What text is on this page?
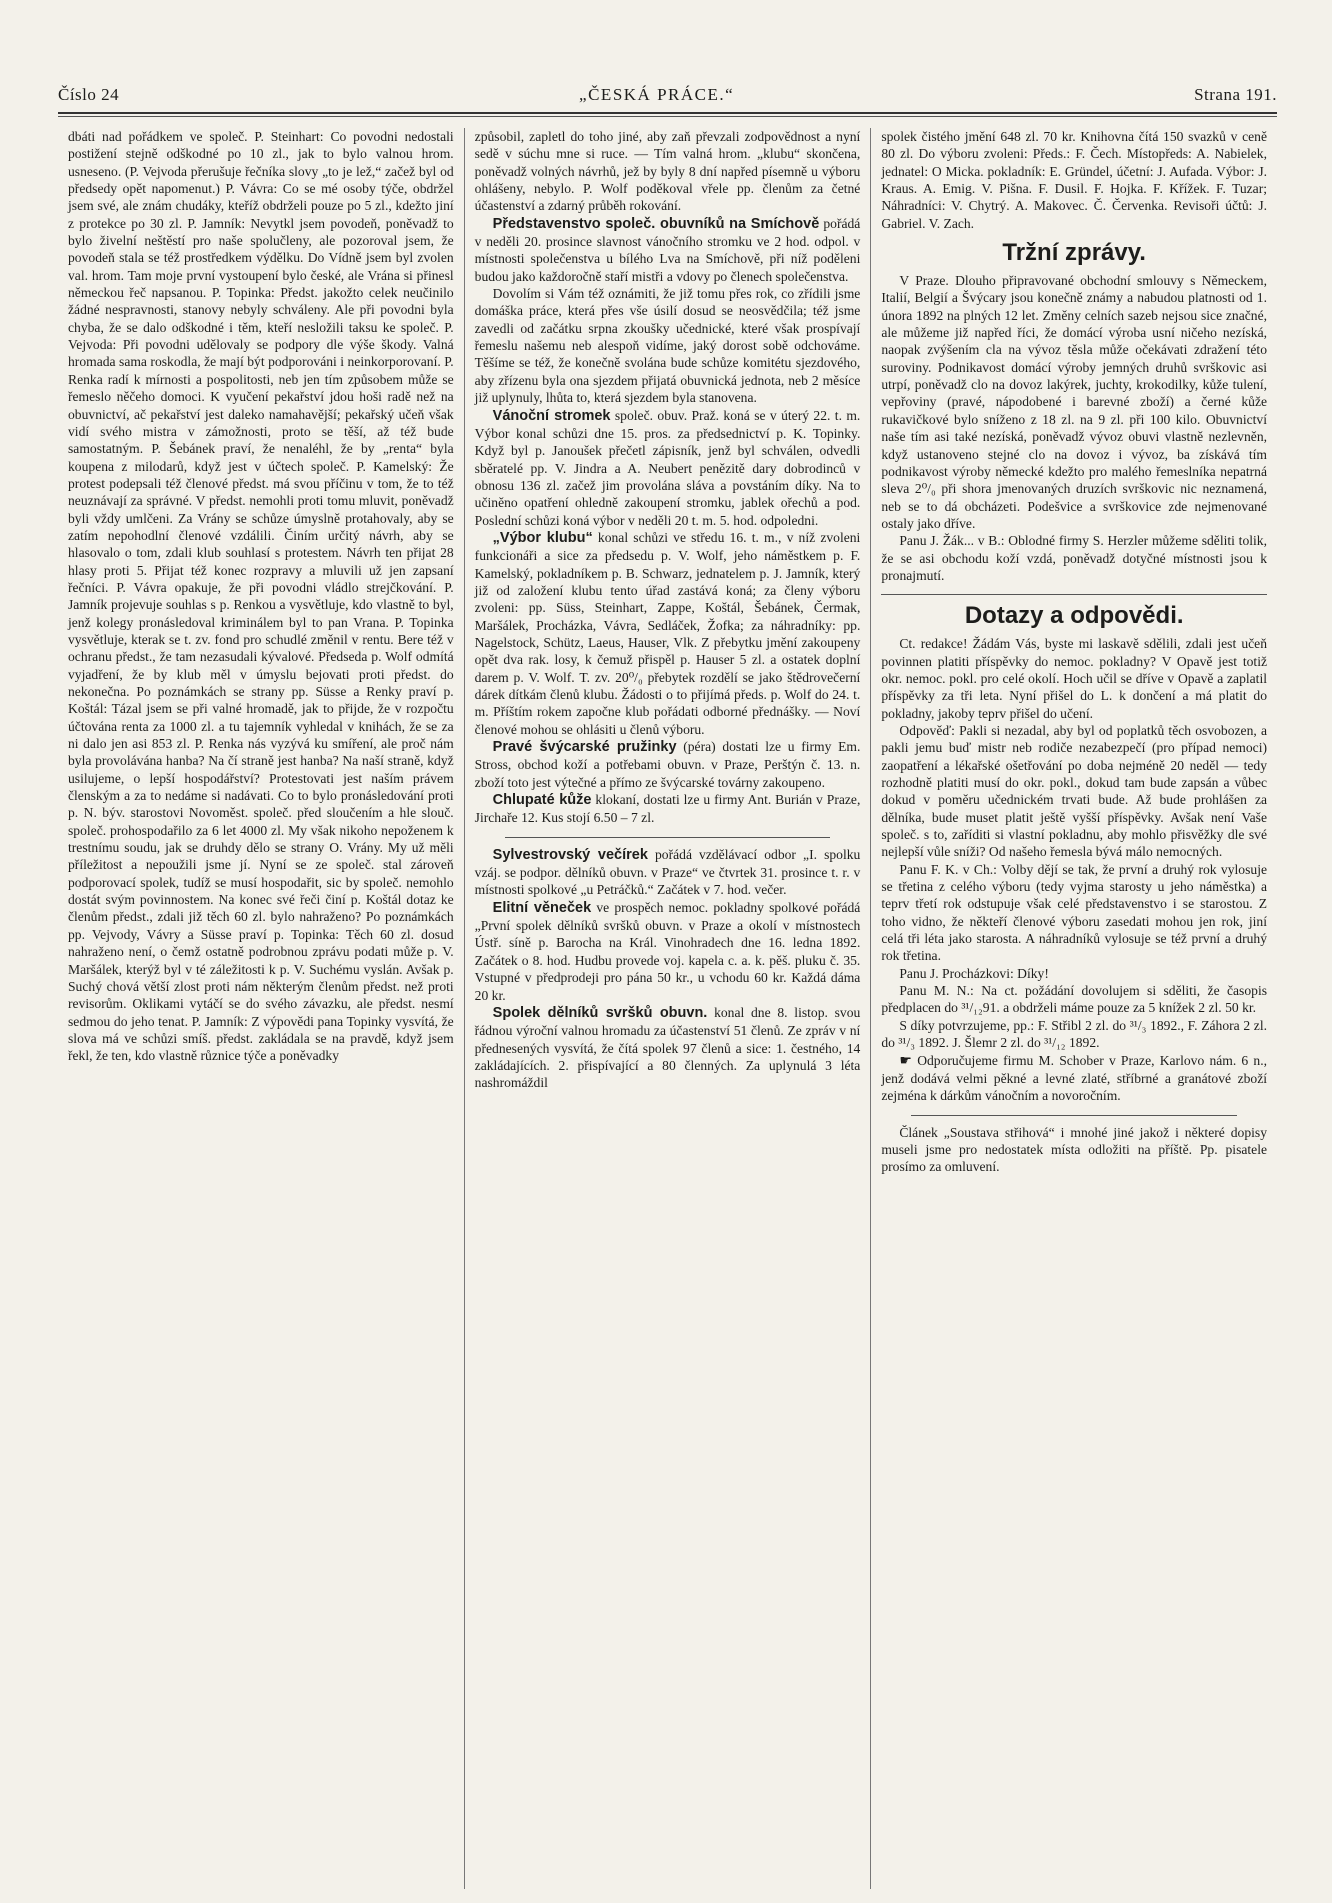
Číslo 24	„ČESKÁ PRÁCE.“	Strana 191.

dbáti nad pořádkem ve společ. P. Steinhart: Co povodni nedostali postižení stejně odškodné po 10 zl., jak to bylo valnou hrom. usneseno. (P. Vejvoda přerušuje řečníka slovy „to je lež,“ začež byl od předsedy opět napomenut.) P. Vávra: Co se mé osoby týče, obdržel jsem své, ale znám chudáky, kteříž obdrželi pouze po 5 zl., kdežto jiní z protekce po 30 zl. P. Jamník: Nevytkl jsem povodeň, poněvadž to bylo živelní neštěstí pro naše spolučleny, ale pozoroval jsem, že povodeň stala se též prostředkem výdělku. Do Vídně jsem byl zvolen val. hrom. Tam moje první vystoupení bylo české, ale Vrána si přinesl německou řeč napsanou. P. Topinka: Předst. jakožto celek neučinilo žádné nespravnosti, stanovy nebyly schváleny. Ale při povodni byla chyba, že se dalo odškodné i těm, kteří nesložili taksu ke společ. P. Vejvoda: Při povodni udělovaly se podpory dle výše škody. Valná hromada sama roskodla, že mají být podporováni i neinkorporovaní. P. Renka radí k mírnosti a pospolitosti, neb jen tím způsobem může se řemeslo něčeho domoci. K vyučení pekařství jdou hoši radě než na obuvnictví, ač pekařství jest daleko namahavější; pekařský učeň však vidí svého mistra v zámožnosti, proto se těší, až též bude samostatným. P. Šebánek praví, že nenaléhl, že by „renta“ byla koupena z milodarů, když jest v účtech společ. P. Kamelský: Že protest podepsali též členové předst. má svou příčinu v tom, že to též neuznávají za správné. V předst. nemohli proti tomu mluvit, poněvadž byli vždy umlčeni. Za Vrány se schůze úmyslně protahovaly, aby se zatím nepohodlní členové vzdálili. Činím určitý návrh, aby se hlasovalo o tom, zdali klub souhlasí s protestem. Návrh ten přijat 28 hlasy proti 5. Přijat též konec rozpravy a mluvili už jen zapsaní řečníci. P. Vávra opakuje, že při povodni vládlo strejčkování. P. Jamník projevuje souhlas s p. Renkou a vysvětluje, kdo vlastně to byl, jenž kolegy pronásledoval kriminálem byl to pan Vrana. P. Topinka vysvětluje, kterak se t. zv. fond pro schudlé změnil v rentu. Bere též v ochranu předst., že tam nezasudali kývalové. Předseda p. Wolf odmítá vyjadření, že by klub měl v úmyslu bejovati proti předst. do nekonečna. Po poznámkách se strany pp. Süsse a Renky praví p. Koštál: Tázal jsem se při valné hromadě, jak to přijde, že v rozpočtu účtována renta za 1000 zl. a tu tajemník vyhledal v knihách, že se za ni dalo jen asi 853 zl. P. Renka nás vyzývá ku smíření, ale proč nám byla provolávána hanba? Na čí straně jest hanba? Na naší straně, když usilujeme, o lepší hospodářství? Protestovati jest naším právem členským a za to nedáme si nadávati. Co to bylo pronásledování proti p. N. býv. starostovi Novoměst. společ. před sloučením a hle slouč. společ. prohospodařilo za 6 let 4000 zl. My však nikoho nepoženem k trestnímu soudu, jak se druhdy dělo se strany O. Vrány. My už měli příležitost a nepoužili jsme jí. Nyní se ze společ. stal zároveň podporovací spolek, tudíž se musí hospodařit, sic by společ. nemohlo dostát svým povinnostem. Na konec své řeči činí p. Koštál dotaz ke členům předst., zdali již těch 60 zl. bylo nahraženo? Po poznámkách pp. Vejvody, Vávry a Süsse praví p. Topinka: Těch 60 zl. dosud nahraženo není, o čemž ostatně podrobnou zprávu podati může p. V. Maršálek, kterýž byl v té záležitosti k p. V. Suchému vyslán. Avšak p. Suchý chová větší zlost proti nám některým členům předst. než proti revisorům. Oklikami vytáčí se do svého závazku, ale předst. nesmí sedmou do jeho tenat. P. Jamník: Z výpovědi pana Topinky vysvítá, že slova má ve schůzi smíš. předst. zakládala se na pravdě, když jsem řekl, že ten, kdo vlastně různice týče a poněvadky

způsobil, zapletl do toho jiné, aby zaň převzali zodpovědnost a nyní sedě v súchu mne si ruce. — Tím valná hrom. „klubu“ skončena, poněvadž volných návrhů, jež by byly 8 dní napřed písemně u výboru ohlášeny, nebylo. P. Wolf poděkoval vřele pp. členům za četné účastenství a zdarný průběh rokování.

Představenstvo společ. obuvníků na Smíchově pořádá v neděli 20. prosince slavnost vánočního stromku ve 2 hod. odpol. v místnosti společenstva u bílého Lva na Smíchově, při níž poděleni budou jako každoročně staří mistři a vdovy po členech společenstva.

Dovolím si Vám též oznámiti, že již tomu přes rok, co zřídili jsme domáška práce, která přes vše úsilí dosud se neosvědčila; též jsme zavedli od začátku srpna zkoušky učednické, které však prospívají řemeslu našemu neb alespoň vidíme, jaký dorost sobě odchováme. Těšíme se též, že konečně svolána bude schůze komitétu sjezdového, aby zřízenu byla ona sjezdem přijatá obuvnická jednota, neb 2 měsíce již uplynuly, lhůta to, která sjezdem byla stanovena.

Vánoční stromek společ. obuv. Praž. koná se v úterý 22. t. m. Výbor konal schůzi dne 15. pros. za předsednictví p. K. Topinky. Když byl p. Janoušek přečetl zápisník, jenž byl schválen, odvedli sběratelé pp. V. Jindra a A. Neubert penězitě dary dobrodinců v obnosu 136 zl. začež jim provolána sláva a povstáním díky. Na to učiněno opatření ohledně zakoupení stromku, jablek ořechů a pod. Poslední schůzi koná výbor v neděli 20 t. m. 5. hod. odpoledni.

„Výbor klubu“ konal schůzi ve středu 16. t. m., v níž zvoleni funkcionáři a sice za předsedu p. V. Wolf, jeho náměstkem p. F. Kamelský, pokladníkem p. B. Schwarz, jednatelem p. J. Jamník, který již od založení klubu tento úřad zastává koná; za členy výboru zvoleni: pp. Süss, Steinhart, Zappe, Koštál, Šebánek, Čermak, Maršálek, Procházka, Vávra, Sedláček, Žofka; za náhradníky: pp. Nagelstock, Schütz, Laeus, Hauser, Vlk. Z přebytku jmění zakoupeny opět dva rak. losy, k čemuž přispěl p. Hauser 5 zl. a ostatek doplní darem p. V. Wolf. T. zv. 20⁰/₀ přebytek rozdělí se jako štědrovečerní dárek dítkám členů klubu. Žádosti o to přijímá předs. p. Wolf do 24. t. m. Příštím rokem započne klub pořádati odborné přednášky. — Noví členové mohou se ohlásiti u členů výboru.

Pravé švýcarské pružinky (péra) dostati lze u firmy Em. Stross, obchod koží a potřebami obuvn. v Praze, Perštýn č. 13. n. zboží toto jest výtečné a přímo ze švýcarské továrny zakoupeno.

Chlupaté kůže klokaní, dostati lze u firmy Ant. Burián v Praze, Jirchaře 12. Kus stojí 6.50 – 7 zl.

Sylvestrovský večírek pořádá vzdělávací odbor „I. spolku vzáj. se podpor. dělníků obuvn. v Praze“ ve čtvrtek 31. prosince t. r. v místnosti spolkové „u Petráčků.“ Začátek v 7. hod. večer.

Elitní věneček ve prospěch nemoc. pokladny spolkové pořádá „První spolek dělníků svršků obuvn. v Praze a okolí v místnostech Ústř. síně p. Barocha na Král. Vinohradech dne 16. ledna 1892. Začátek o 8. hod. Hudbu provede voj. kapela c. a. k. pěš. pluku č. 35. Vstupné v předprodeji pro pána 50 kr., u vchodu 60 kr. Každá dáma 20 kr.

Spolek dělníků svršků obuvn. konal dne 8. listop. svou řádnou výroční valnou hromadu za účastenství 51 členů. Ze zpráv v ní přednesených vysvítá, že čítá spolek 97 členů a sice: 1. čestného, 14 zakládajících. 2. přispívající a 80 členných. Za uplynulá 3 léta nashromáždil

spolek čistého jmění 648 zl. 70 kr. Knihovna čítá 150 svazků v ceně 80 zl. Do výboru zvoleni: Předs.: F. Čech. Místopředs: A. Nabielek, jednatel: O Micka. pokladník: E. Gründel, účetní: J. Aufada. Výbor: J. Kraus. A. Emig. V. Pišna. F. Dusil. F. Hojka. F. Křížek. F. Tuzar; Náhradníci: V. Chytrý. A. Makovec. Č. Červenka. Revisoři účtů: J. Gabriel. V. Zach.

Tržní zprávy.

V Praze. Dlouho připravované obchodní smlouvy s Německem, Italií, Belgií a Švýcary jsou konečně známy a nabudou platnosti od 1. února 1892 na plných 12 let. Změny celních sazeb nejsou sice značné, ale můžeme již napřed říci, že domácí výroba usní ničeho nezíská, naopak zvýšením cla na vývoz těsla může očekávati zdražení této suroviny. Podnikavost domácí výroby jemných druhů svrškovic asi utrpí, poněvadž clo na dovoz lakýrek, juchty, krokodilky, kůže tulení, vepřoviny (pravé, nápodobené i barevné zboží) a černé kůže rukavičkové bylo sníženo z 18 zl. na 9 zl. při 100 kilo. Obuvnictví naše tím asi také nezíská, poněvadž vývoz obuvi vlastně nezlevněn, když ustanoveno stejné clo na dovoz i vývoz, ba získává tím podnikavost výroby německé kdežto pro malého řemeslníka nepatrná sleva 2⁰/₀ při shora jmenovaných druzích svrškovic nic neznamená, neb se to dá obcházeti. Podešvice a svrškovice zde nejmenované ostaly jako dříve.

Panu J. Žák... v B.: Oblodné firmy S. Herzler můžeme sděliti tolik, že se asi obchodu koží vzdá, poněvadž dotyčné místnosti jsou k pronajmutí.

Dotazy a odpovědi.

Ct. redakce! Žádám Vás, byste mi laskavě sdělili, zdali jest učeň povinnen platiti příspěvky do nemoc. pokladny? V Opavě jest totiž okr. nemoc. pokl. pro celé okolí. Hoch učil se dříve v Opavě a zaplatil příspěvky za tři leta. Nyní přišel do L. k dončení a má platit do pokladny, jakoby teprv přišel do učení.

Odpověď: Pakli si nezadal, aby byl od poplatků těch osvobozen, a pakli jemu buď mistr neb rodiče nezabezpečí (pro případ nemoci) zaopatření a lékařské ošetřování po doba nejméně 20 neděl — tedy rozhodně platiti musí do okr. pokl., dokud tam bude zapsán a vůbec dokud v poměru učednickém trvati bude. Až bude prohlášen za dělníka, bude muset platit ještě vyšší příspěvky. Avšak není Vaše společ. s to, zaříditi si vlastní pokladnu, aby mohlo přisvěžky dle své nejlepší vůle sníži? Od našeho řemesla bývá málo nemocných.

Panu F. K. v Ch.: Volby dějí se tak, že první a druhý rok vylosuje se třetina z celého výboru (tedy vyjma starosty u jeho náměstka) a teprv třetí rok odstupuje však celé představenstvo i se starostou. Z toho vidno, že někteří členové výboru zasedati mohou jen rok, jiní celá tři léta jako starosta. A náhradníků vylosuje se též první a druhý rok třetina.

Panu J. Procházkovi: Díky!

Panu M. N.: Na ct. požádání dovolujem si sděliti, že časopis předplacen do ³¹/₁₂91. a obdrželi máme pouze za 5 knížek 2 zl. 50 kr.

S díky potvrzujeme, pp.: F. Střibl 2 zl. do ³¹/₃ 1892., F. Záhora 2 zl. do ³¹/₃ 1892. J. Šlemr 2 zl. do ³¹/₁₂ 1892.

☛ Odporučujeme firmu M. Schober v Praze, Karlovo nám. 6 n., jenž dodává velmi pěkné a levné zlaté, stříbrné a granátové zboží zejména k dárkům vánočním a novoročním.

Článek „Soustava střihová“ i mnohé jiné jakož i některé dopisy museli jsme pro nedostatek místa odložiti na příště. Pp. pisatele prosímo za omluvení.
